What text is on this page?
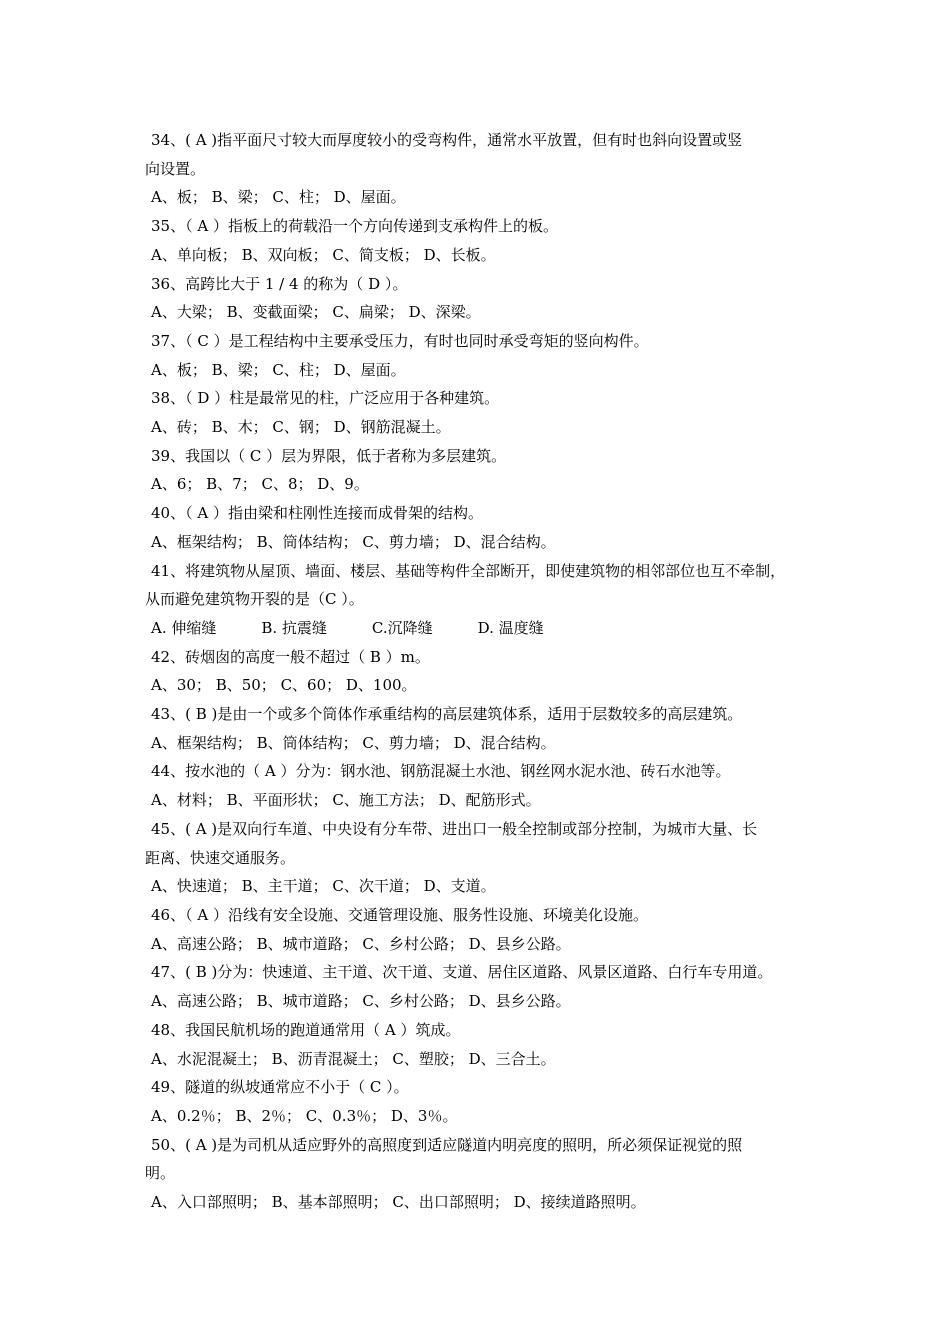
34、( A )指平面尺寸较大而厚度较小的受弯构件，通常水平放置，但有时也斜向设置或竖
向设置。
A、板； B、梁； C、柱； D、屋面。
35、（ A ）指板上的荷载沿一个方向传递到支承构件上的板。
A、单向板； B、双向板； C、简支板； D、长板。
36、高跨比大于 1 / 4 的称为（ D ）。
A、大梁； B、变截面梁； C、扁梁； D、深梁。
37、（ C ）是工程结构中主要承受压力，有时也同时承受弯矩的竖向构件。
A、板； B、梁； C、柱； D、屋面。
38、（ D ）柱是最常见的柱，广泛应用于各种建筑。
A、砖； B、木； C、钢； D、钢筋混凝土。
39、我国以（ C ）层为界限，低于者称为多层建筑。
A、6； B、7； C、8； D、9。
40、（ A ）指由梁和柱刚性连接而成骨架的结构。
A、框架结构； B、筒体结构； C、剪力墙； D、混合结构。
41、将建筑物从屋顶、墙面、楼层、基础等构件全部断开，即使建筑物的相邻部位也互不牵制，
从而避免建筑物开裂的是（C ）。
A. 伸缩缝　　　B. 抗震缝　　　C.沉降缝　　　D. 温度缝
42、砖烟囱的高度一般不超过（ B ）m。
A、30； B、50； C、60； D、100。
43、( B )是由一个或多个筒体作承重结构的高层建筑体系，适用于层数较多的高层建筑。
A、框架结构； B、筒体结构； C、剪力墙； D、混合结构。
44、按水池的（ A ）分为：钢水池、钢筋混凝土水池、钢丝网水泥水池、砖石水池等。
A、材料； B、平面形状； C、施工方法； D、配筋形式。
45、( A )是双向行车道、中央设有分车带、进出口一般全控制或部分控制，为城市大量、长
距离、快速交通服务。
A、快速道； B、主干道； C、次干道； D、支道。
46、（ A ）沿线有安全设施、交通管理设施、服务性设施、环境美化设施。
A、高速公路； B、城市道路； C、乡村公路； D、县乡公路。
47、( B )分为：快速道、主干道、次干道、支道、居住区道路、风景区道路、白行车专用道。
A、高速公路； B、城市道路； C、乡村公路； D、县乡公路。
48、我国民航机场的跑道通常用（ A ）筑成。
A、水泥混凝土； B、沥青混凝土； C、塑胶； D、三合土。
49、隧道的纵坡通常应不小于（ C ）。
A、0.2％； B、2％； C、0.3％； D、3％。
50、( A )是为司机从适应野外的高照度到适应隧道内明亮度的照明，所必须保证视觉的照
明。
A、入口部照明； B、基本部照明； C、出口部照明； D、接续道路照明。
